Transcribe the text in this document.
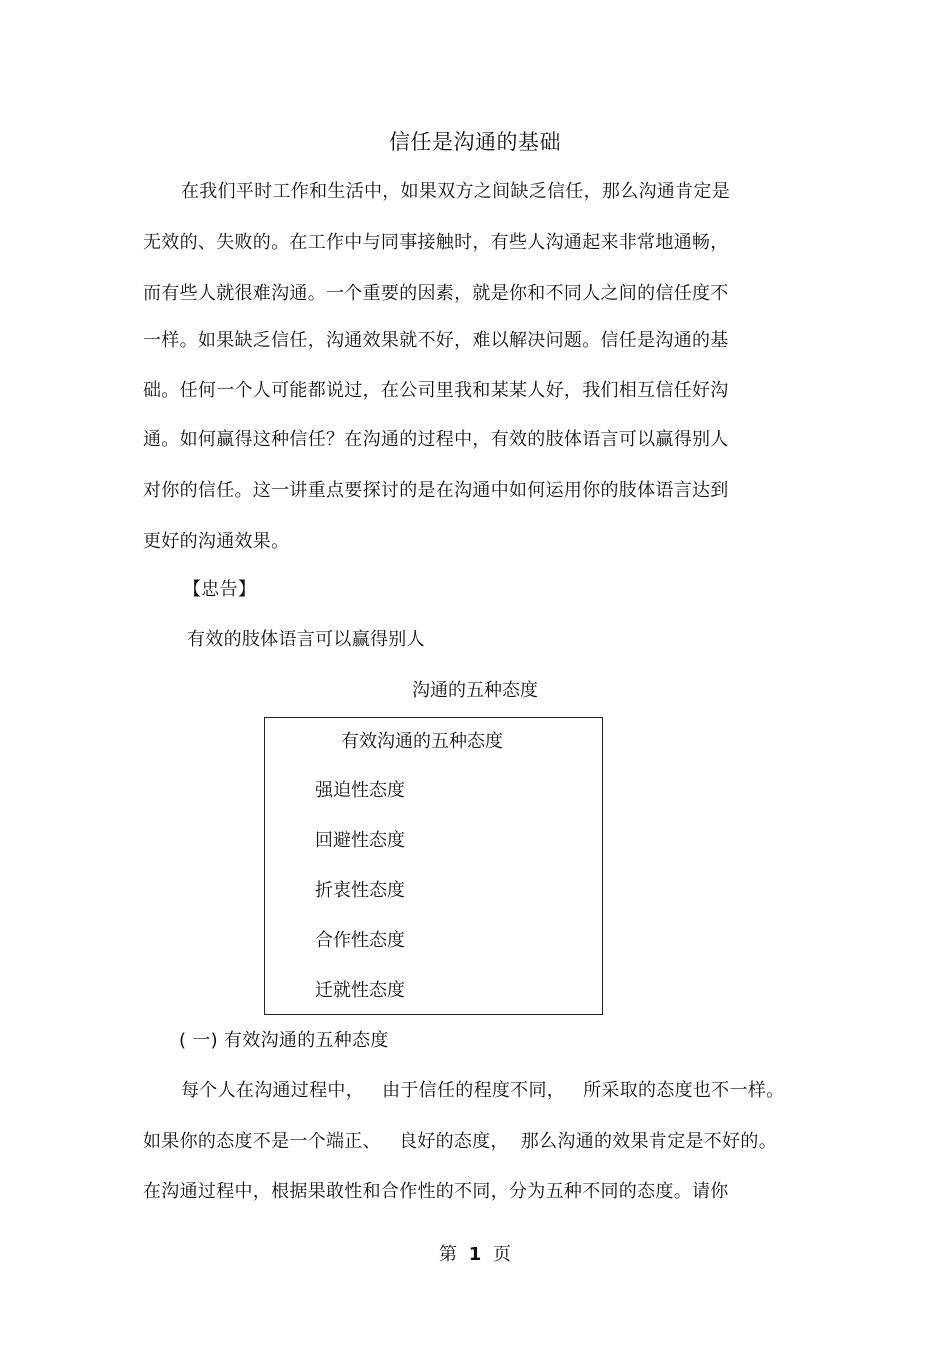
信任是沟通的基础
在我们平时工作和生活中，如果双方之间缺乏信任，那么沟通肯定是
无效的、失败的。在工作中与同事接触时，有些人沟通起来非常地通畅，
而有些人就很难沟通。一个重要的因素，就是你和不同人之间的信任度不
一样。如果缺乏信任，沟通效果就不好，难以解决问题。信任是沟通的基
础。任何一个人可能都说过，在公司里我和某某人好，我们相互信任好沟
通。如何赢得这种信任？在沟通的过程中，有效的肢体语言可以赢得别人
对你的信任。这一讲重点要探讨的是在沟通中如何运用你的肢体语言达到
更好的沟通效果。
【忠告】
有效的肢体语言可以赢得别人
沟通的五种态度
有效沟通的五种态度
强迫性态度
回避性态度
折衷性态度
合作性态度
迁就性态度
( 一) 有效沟通的五种态度
每个人在沟通过程中，   由于信任的程度不同，   所采取的态度也不一样。
如果你的态度不是一个端正、   良好的态度，  那么沟通的效果肯定是不好的。
在沟通过程中，根据果敢性和合作性的不同，分为五种不同的态度。请你
第 1 页
